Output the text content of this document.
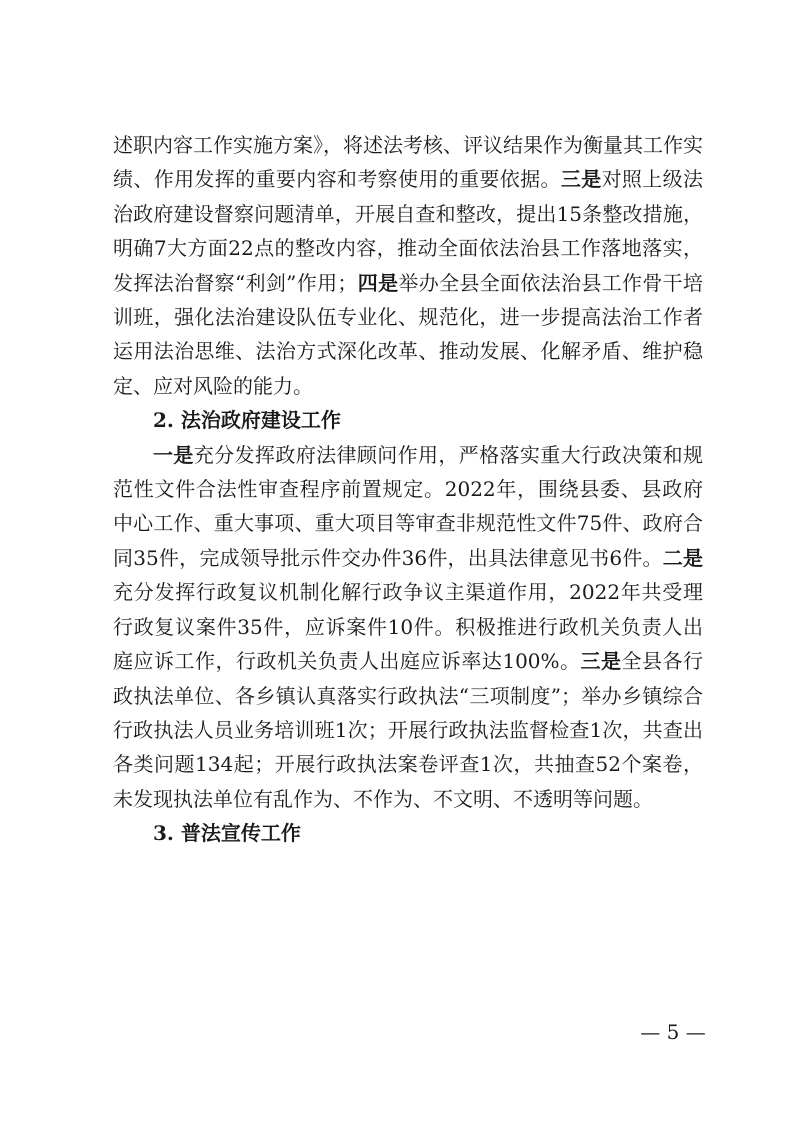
述职内容工作实施方案》，将述法考核、评议结果作为衡量其工作实绩、作用发挥的重要内容和考察使用的重要依据。三是对照上级法治政府建设督察问题清单，开展自查和整改，提出15条整改措施，明确7大方面22点的整改内容，推动全面依法治县工作落地落实，发挥法治督察“利剑”作用；四是举办全县全面依法治县工作骨干培训班，强化法治建设队伍专业化、规范化，进一步提高法治工作者运用法治思维、法治方式深化改革、推动发展、化解矛盾、维护稳定、应对风险的能力。

2. 法治政府建设工作

一是充分发挥政府法律顾问作用，严格落实重大行政决策和规范性文件合法性审查程序前置规定。2022年，围绕县委、县政府中心工作、重大事项、重大项目等审查非规范性文件75件、政府合同35件，完成领导批示件交办件36件，出具法律意见书6件。二是充分发挥行政复议机制化解行政争议主渠道作用，2022年共受理行政复议案件35件，应诉案件10件。积极推进行政机关负责人出庭应诉工作，行政机关负责人出庭应诉率达100%。三是全县各行政执法单位、各乡镇认真落实行政执法“三项制度”；举办乡镇综合行政执法人员业务培训班1次；开展行政执法监督检查1次，共查出各类问题134起；开展行政执法案卷评查1次，共抽查52个案卷，未发现执法单位有乱作为、不作为、不文明、不透明等问题。

3. 普法宣传工作

— 5 —
